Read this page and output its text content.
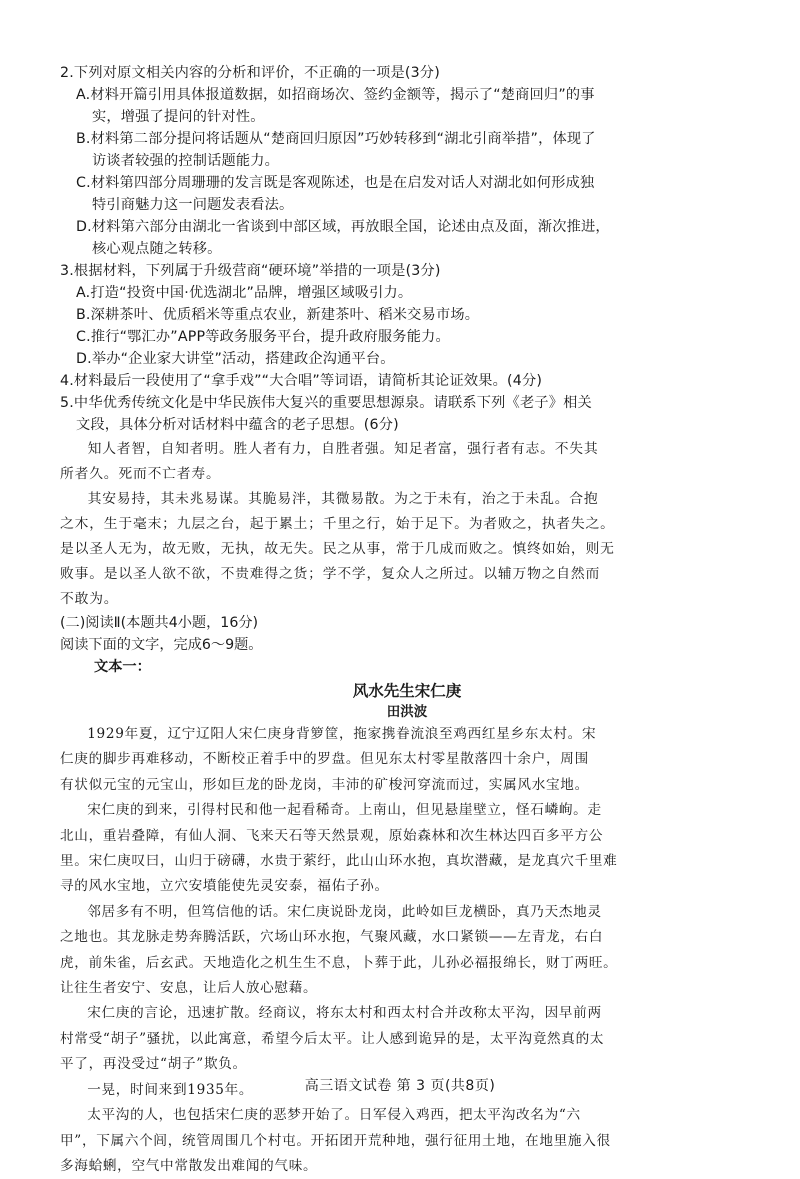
2.下列对原文相关内容的分析和评价，不正确的一项是(3分)
A.材料开篇引用具体报道数据，如招商场次、签约金额等，揭示了“楚商回归”的事
实，增强了提问的针对性。
B.材料第二部分提问将话题从“楚商回归原因”巧妙转移到“湖北引商举措”，体现了
访谈者较强的控制话题能力。
C.材料第四部分周珊珊的发言既是客观陈述，也是在启发对话人对湖北如何形成独
特引商魅力这一问题发表看法。
D.材料第六部分由湖北一省谈到中部区域，再放眼全国，论述由点及面，渐次推进，
核心观点随之转移。
3.根据材料，下列属于升级营商“硬环境”举措的一项是(3分)
A.打造“投资中国·优选湖北”品牌，增强区域吸引力。
B.深耕茶叶、优质稻米等重点农业，新建茶叶、稻米交易市场。
C.推行“鄂汇办”APP等政务服务平台，提升政府服务能力。
D.举办“企业家大讲堂”活动，搭建政企沟通平台。
4.材料最后一段使用了“拿手戏”“大合唱”等词语，请简析其论证效果。(4分)
5.中华优秀传统文化是中华民族伟大复兴的重要思想源泉。请联系下列《老子》相关
文段，具体分析对话材料中蕴含的老子思想。(6分)

知人者智，自知者明。胜人者有力，自胜者强。知足者富，强行者有志。不失其

所者久。死而不亡者寿。

其安易持，其未兆易谋。其脆易泮，其微易散。为之于未有，治之于未乱。合抱

之木，生于毫末；九层之台，起于累土；千里之行，始于足下。为者败之，执者失之。

是以圣人无为，故无败，无执，故无失。民之从事，常于几成而败之。慎终如始，则无

败事。是以圣人欲不欲，不贵难得之货；学不学，复众人之所过。以辅万物之自然而

不敢为。

(二)阅读Ⅱ(本题共4小题，16分)
阅读下面的文字，完成6～9题。
文本一：
风水先生宋仁庚
田洪波

1929年夏，辽宁辽阳人宋仁庚身背箩筐，拖家携眷流浪至鸡西红星乡东太村。宋

仁庚的脚步再难移动，不断校正着手中的罗盘。但见东太村零星散落四十余户，周围

有状似元宝的元宝山，形如巨龙的卧龙岗，丰沛的矿梭河穿流而过，实属风水宝地。

宋仁庚的到来，引得村民和他一起看稀奇。上南山，但见悬崖壁立，怪石嶙峋。走

北山，重岩叠障，有仙人洞、飞来天石等天然景观，原始森林和次生林达四百多平方公

里。宋仁庚叹曰，山归于磅礴，水贵于萦纡，此山山环水抱，真坎潜藏，是龙真穴千里难

寻的风水宝地，立穴安墳能使先灵安泰，福佑子孙。

邻居多有不明，但笃信他的话。宋仁庚说卧龙岗，此岭如巨龙横卧，真乃天杰地灵

之地也。其龙脉走势奔腾活跃，穴场山环水抱，气聚风藏，水口紧锁——左青龙，右白

虎，前朱雀，后玄武。天地造化之机生生不息，卜葬于此，儿孙必福报绵长，财丁两旺。

让往生者安宁、安息，让后人放心慰藉。

宋仁庚的言论，迅速扩散。经商议，将东太村和西太村合并改称太平沟，因早前两

村常受“胡子”骚扰，以此寓意，希望今后太平。让人感到诡异的是，太平沟竟然真的太

平了，再没受过“胡子”欺负。

一晃，时间来到1935年。

太平沟的人，也包括宋仁庚的恶梦开始了。日军侵入鸡西，把太平沟改名为“六

甲”，下属六个闾，统管周围几个村屯。开拓团开荒种地，强行征用土地，在地里施入很

多海蛤蜊，空气中常散发出难闻的气味。

高三语文试卷 第 3 页(共8页)
